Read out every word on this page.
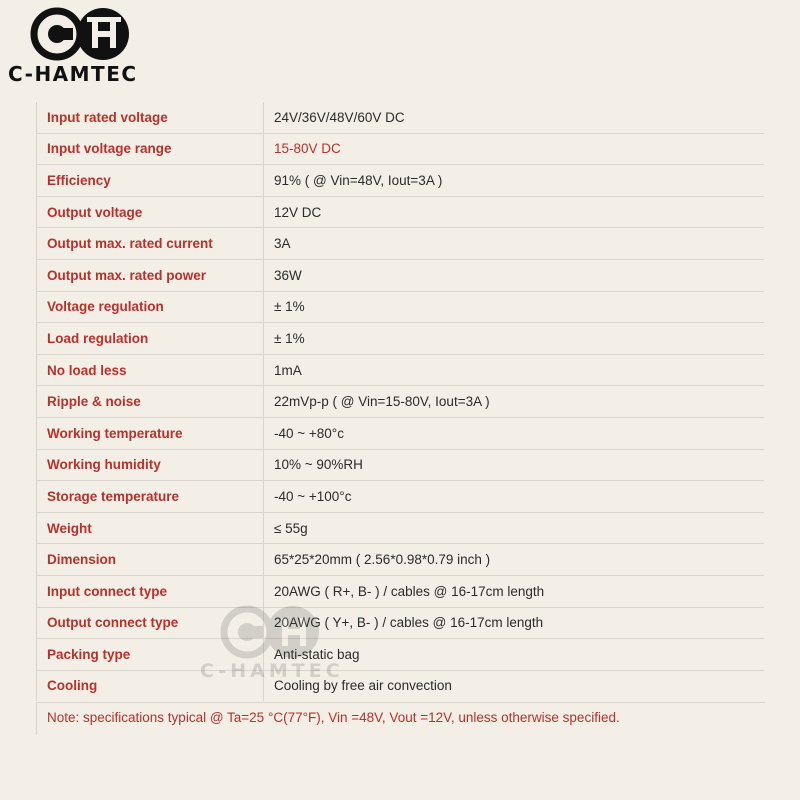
C-HAMTEC
Input rated voltage	24V/36V/48V/60V DC
Input voltage range	15-80V DC
Efficiency	91% ( @ Vin=48V, Iout=3A )
Output voltage	12V DC
Output max. rated current	3A
Output max. rated power	36W
Voltage regulation	± 1%
Load regulation	± 1%
No load less	1mA
Ripple & noise	22mVp-p ( @ Vin=15-80V, Iout=3A )
Working temperature	-40 ~ +80°c
Working humidity	10% ~ 90%RH
Storage temperature	-40 ~ +100°c
Weight	≤ 55g
Dimension	65*25*20mm ( 2.56*0.98*0.79 inch )
Input connect type	20AWG ( R+, B- ) / cables @ 16-17cm length
Output connect type	20AWG ( Y+, B- ) / cables @ 16-17cm length
Packing type	Anti-static bag
Cooling	Cooling by free air convection
Note: specifications typical @ Ta=25 °C(77°F), Vin =48V, Vout =12V, unless otherwise specified.
C-HAMTEC
